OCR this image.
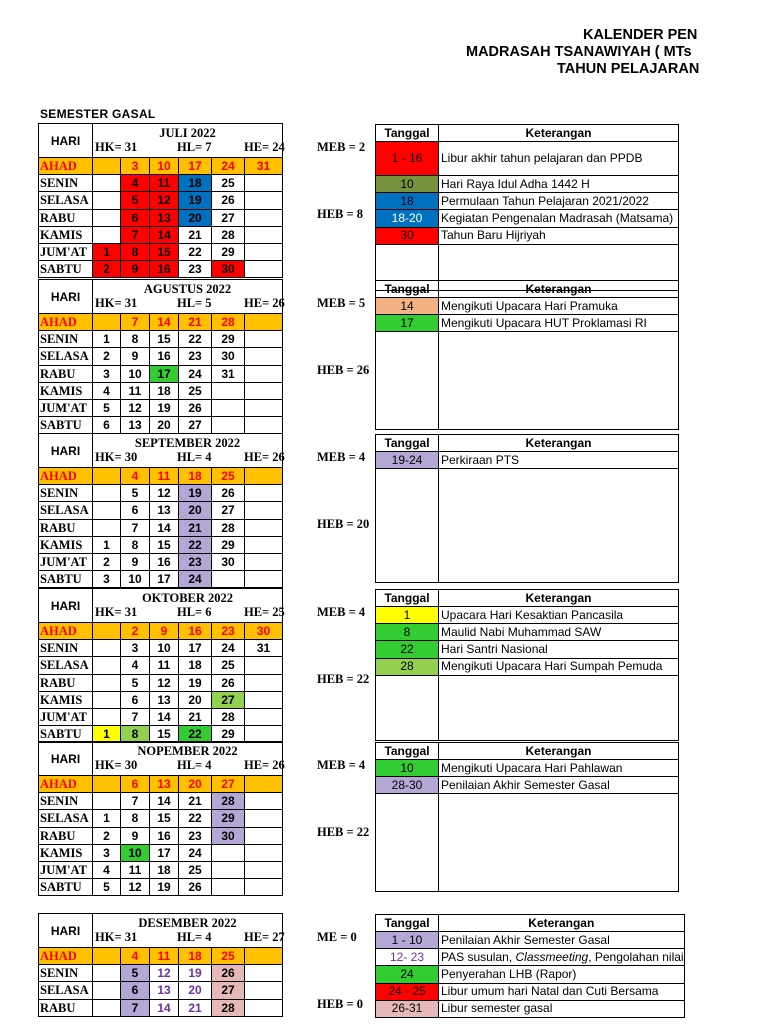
KALENDER PEN
MADRASAH TSANAWIYAH ( MTs
TAHUN PELAJARAN
SEMESTER GASAL
HARI	JULI 2022					

AHAD		3	10	17	24	31
SENIN		4	11	18	25	
SELASA		5	12	19	26	
RABU		6	13	20	27	
KAMIS		7	14	21	28	
JUM'AT	1	8	15	22	29	
SABTU	2	9	16	23	30	
HK= 31	HL= 7	HE= 24	MEB = 2
HEB = 8
Tanggal	Keterangan
1 - 16	Libur akhir tahun pelajaran dan PPDB
10	Hari Raya Idul Adha 1442 H
18	Permulaan Tahun Pelajaran 2021/2022
18-20	Kegiatan Pengenalan Madrasah (Matsama)
30	Tahun Baru Hijriyah

HARI	AGUSTUS 2022					

AHAD		7	14	21	28	
SENIN	1	8	15	22	29	
SELASA	2	9	16	23	30	
RABU	3	10	17	24	31	
KAMIS	4	11	18	25		
JUM'AT	5	12	19	26		
SABTU	6	13	20	27		
HK= 31	HL= 5	HE= 26	MEB = 5
HEB = 26
Tanggal	Keterangan
14	Mengikuti Upacara Hari Pramuka
17	Mengikuti Upacara HUT Proklamasi RI

HARI	SEPTEMBER 2022					

AHAD		4	11	18	25	
SENIN		5	12	19	26	
SELASA		6	13	20	27	
RABU		7	14	21	28	
KAMIS	1	8	15	22	29	
JUM'AT	2	9	16	23	30	
SABTU	3	10	17	24		
HK= 30	HL= 4	HE= 26	MEB = 4
HEB = 20
Tanggal	Keterangan
19-24	Perkiraan PTS

HARI	OKTOBER 2022					

AHAD		2	9	16	23	30
SENIN		3	10	17	24	31
SELASA		4	11	18	25	
RABU		5	12	19	26	
KAMIS		6	13	20	27	
JUM'AT		7	14	21	28	
SABTU	1	8	15	22	29	
HK= 31	HL= 6	HE= 25	MEB = 4
HEB = 22
Tanggal	Keterangan
1	Upacara Hari Kesaktian Pancasila
8	Maulid Nabi Muhammad SAW
22	Hari Santri Nasional
28	Mengikuti Upacara Hari Sumpah Pemuda

HARI	NOPEMBER 2022					

AHAD		6	13	20	27	
SENIN		7	14	21	28	
SELASA	1	8	15	22	29	
RABU	2	9	16	23	30	
KAMIS	3	10	17	24		
JUM'AT	4	11	18	25		
SABTU	5	12	19	26		
HK= 30	HL= 4	HE= 26	MEB = 4
HEB = 22
Tanggal	Keterangan
10	Mengikuti Upacara Hari Pahlawan
28-30	Penilaian Akhir Semester Gasal

HARI	DESEMBER 2022					

AHAD		4	11	18	25	
SENIN		5	12	19	26	
SELASA		6	13	20	27	
RABU		7	14	21	28	
HK= 31	HL= 4	HE= 27	ME = 0
HEB = 0
Tanggal	Keterangan
1 - 10	Penilaian Akhir Semester Gasal
12- 23	PAS susulan, Classmeeting, Pengolahan nilai
24	Penyerahan LHB (Rapor)
24 - 25	Libur umum hari Natal dan Cuti Bersama
26-31	Libur semester gasal
